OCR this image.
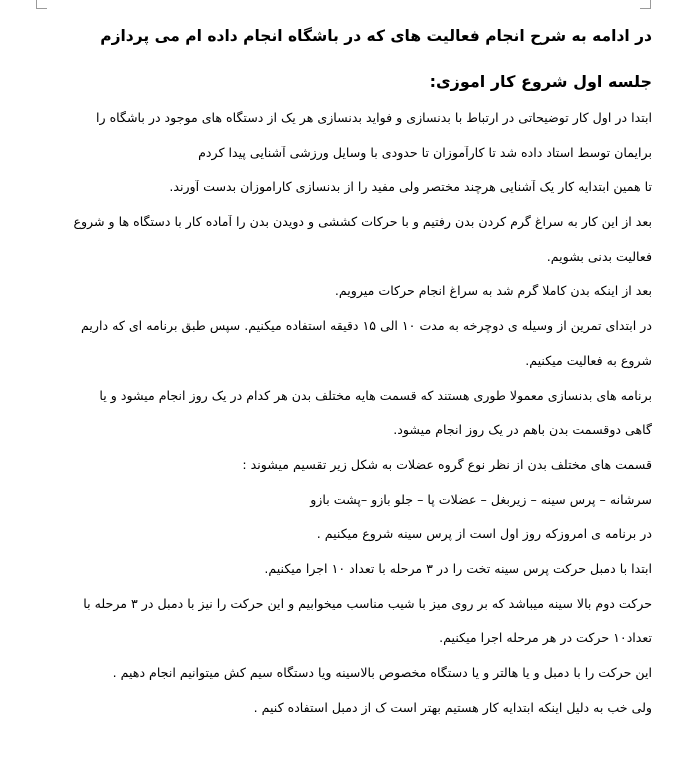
در ادامه به شرح انجام فعالیت های که در باشگاه انجام داده ام می پردازم

جلسه اول شروع کار اموزی:

ابتدا در اول کار توضیحاتی در ارتباط با بدنسازی و فواید بدنسازی هر یک از دستگاه های موجود در باشگاه را
برایمان توسط استاد داده شد تا کارآموزان تا حدودی با وسایل ورزشی آشنایی پیدا کردم
تا همین ابتدایه کار یک آشنایی هرچند مختصر ولی مفید را از بدنسازی کاراموزان بدست آورند.
بعد از این کار به سراغ گرم کردن بدن رفتیم و با حرکات کششی و دویدن بدن را آماده کار با دستگاه ها و شروع
فعالیت بدنی بشویم.
بعد از اینکه بدن کاملا گرم شد به سراغ انجام حرکات میرویم.
در ابتدای تمرین از وسیله ی دوچرخه به مدت ۱۰ الی ۱۵ دقیقه استفاده میکنیم. سپس طبق برنامه ای که داریم
شروع به فعالیت میکنیم.
برنامه های بدنسازی معمولا طوری هستند که قسمت هایه مختلف بدن هر کدام در یک روز انجام میشود و یا
گاهی دوقسمت بدن باهم در یک روز انجام میشود.
قسمت های مختلف بدن از نظر نوع گروه عضلات به شکل زیر تقسیم میشوند :
سرشانه – پرس سینه – زیربغل – عضلات پا – جلو بازو –پشت بازو
در برنامه ی امروزکه روز اول است از پرس سینه شروع میکنیم .
ابتدا با دمبل حرکت پرس سینه تخت را در ۳ مرحله با تعداد ۱۰ اجرا میکنیم.
حرکت دوم بالا سینه میباشد که بر روی میز با شیب مناسب میخوابیم و این حرکت را نیز با دمبل در ۳ مرحله با
تعداد۱۰ حرکت در هر مرحله اجرا میکنیم.
این حرکت را با دمبل و یا هالتر و یا دستگاه مخصوص بالاسینه ویا دستگاه سیم کش میتوانیم انجام دهیم .
ولی خب به دلیل اینکه ابتدایه کار هستیم بهتر است ک از دمبل استفاده کنیم .
